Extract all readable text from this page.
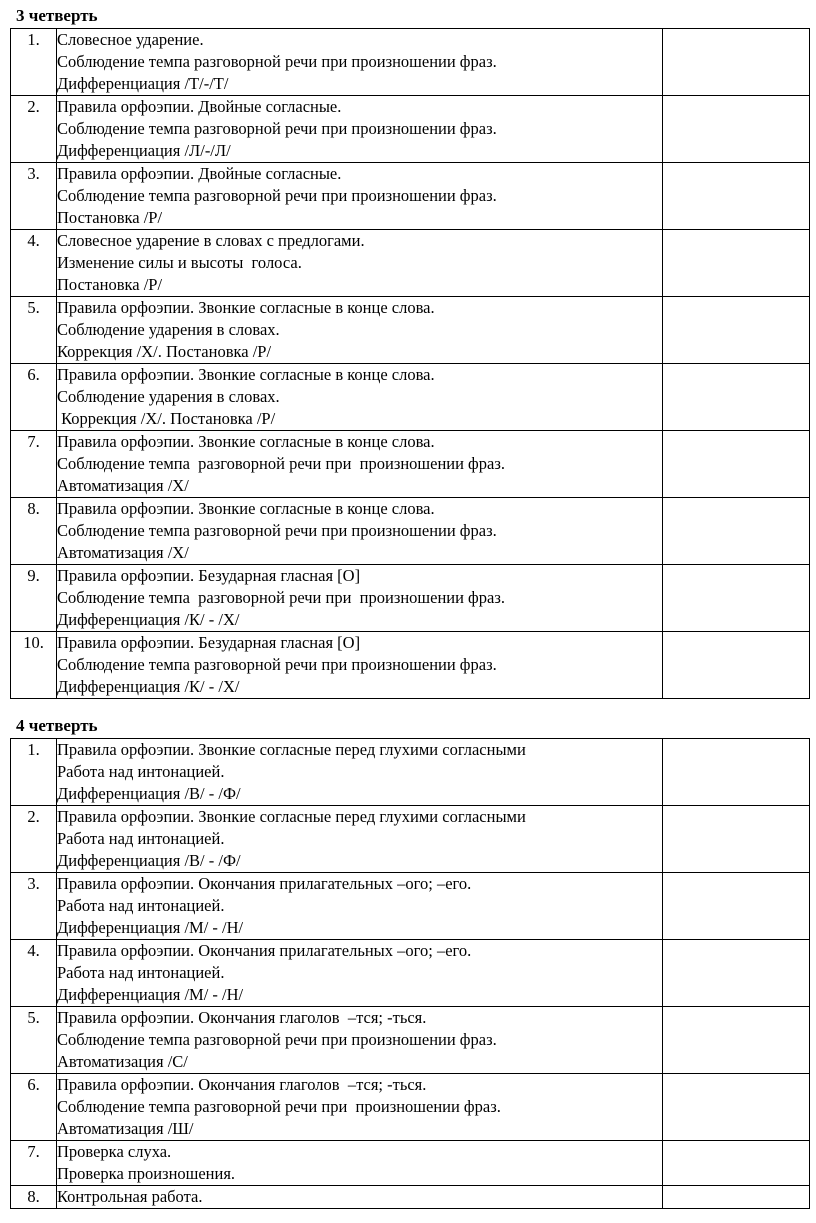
3 четверть
1.	Словесное ударение.
Соблюдение темпа разговорной речи при произношении фраз.
Дифференциация /Т/-/Т/	

2.	Правила орфоэпии. Двойные согласные.
Соблюдение темпа разговорной речи при произношении фраз.
Дифференциация /Л/-/Л/	

3.	Правила орфоэпии. Двойные согласные.
Соблюдение темпа разговорной речи при произношении фраз.
Постановка /Р/	

4.	Словесное ударение в словах с предлогами.
Изменение силы и высоты  голоса.
Постановка /Р/	

5.	Правила орфоэпии. Звонкие согласные в конце слова.
Соблюдение ударения в словах.
Коррекция /Х/. Постановка /Р/	

6.	Правила орфоэпии. Звонкие согласные в конце слова.
Соблюдение ударения в словах.
Коррекция /Х/. Постановка /Р/	

7.	Правила орфоэпии. Звонкие согласные в конце слова.
Соблюдение темпа  разговорной речи при  произношении фраз.
Автоматизация /Х/	

8.	Правила орфоэпии. Звонкие согласные в конце слова.
Соблюдение темпа разговорной речи при произношении фраз.
Автоматизация /Х/	

9.	Правила орфоэпии. Безударная гласная [О]
Соблюдение темпа  разговорной речи при  произношении фраз.
Дифференциация /К/ - /Х/	

10.	Правила орфоэпии. Безударная гласная [О]
Соблюдение темпа разговорной речи при произношении фраз.
Дифференциация /К/ - /Х/	

4 четверть
1.	Правила орфоэпии. Звонкие согласные перед глухими согласными
Работа над интонацией.
Дифференциация /В/ - /Ф/	

2.	Правила орфоэпии. Звонкие согласные перед глухими согласными
Работа над интонацией.
Дифференциация /В/ - /Ф/	

3.	Правила орфоэпии. Окончания прилагательных –ого; –его.
Работа над интонацией.
Дифференциация /М/ - /Н/	

4.	Правила орфоэпии. Окончания прилагательных –ого; –его.
Работа над интонацией.
Дифференциация /М/ - /Н/	

5.	Правила орфоэпии. Окончания глаголов  –тся; -ться.
Соблюдение темпа разговорной речи при произношении фраз.
Автоматизация /С/	

6.	Правила орфоэпии. Окончания глаголов  –тся; -ться.
Соблюдение темпа разговорной речи при  произношении фраз.
Автоматизация /Ш/	

7.	Проверка слуха.
Проверка произношения.	

8.	Контрольная работа.	
